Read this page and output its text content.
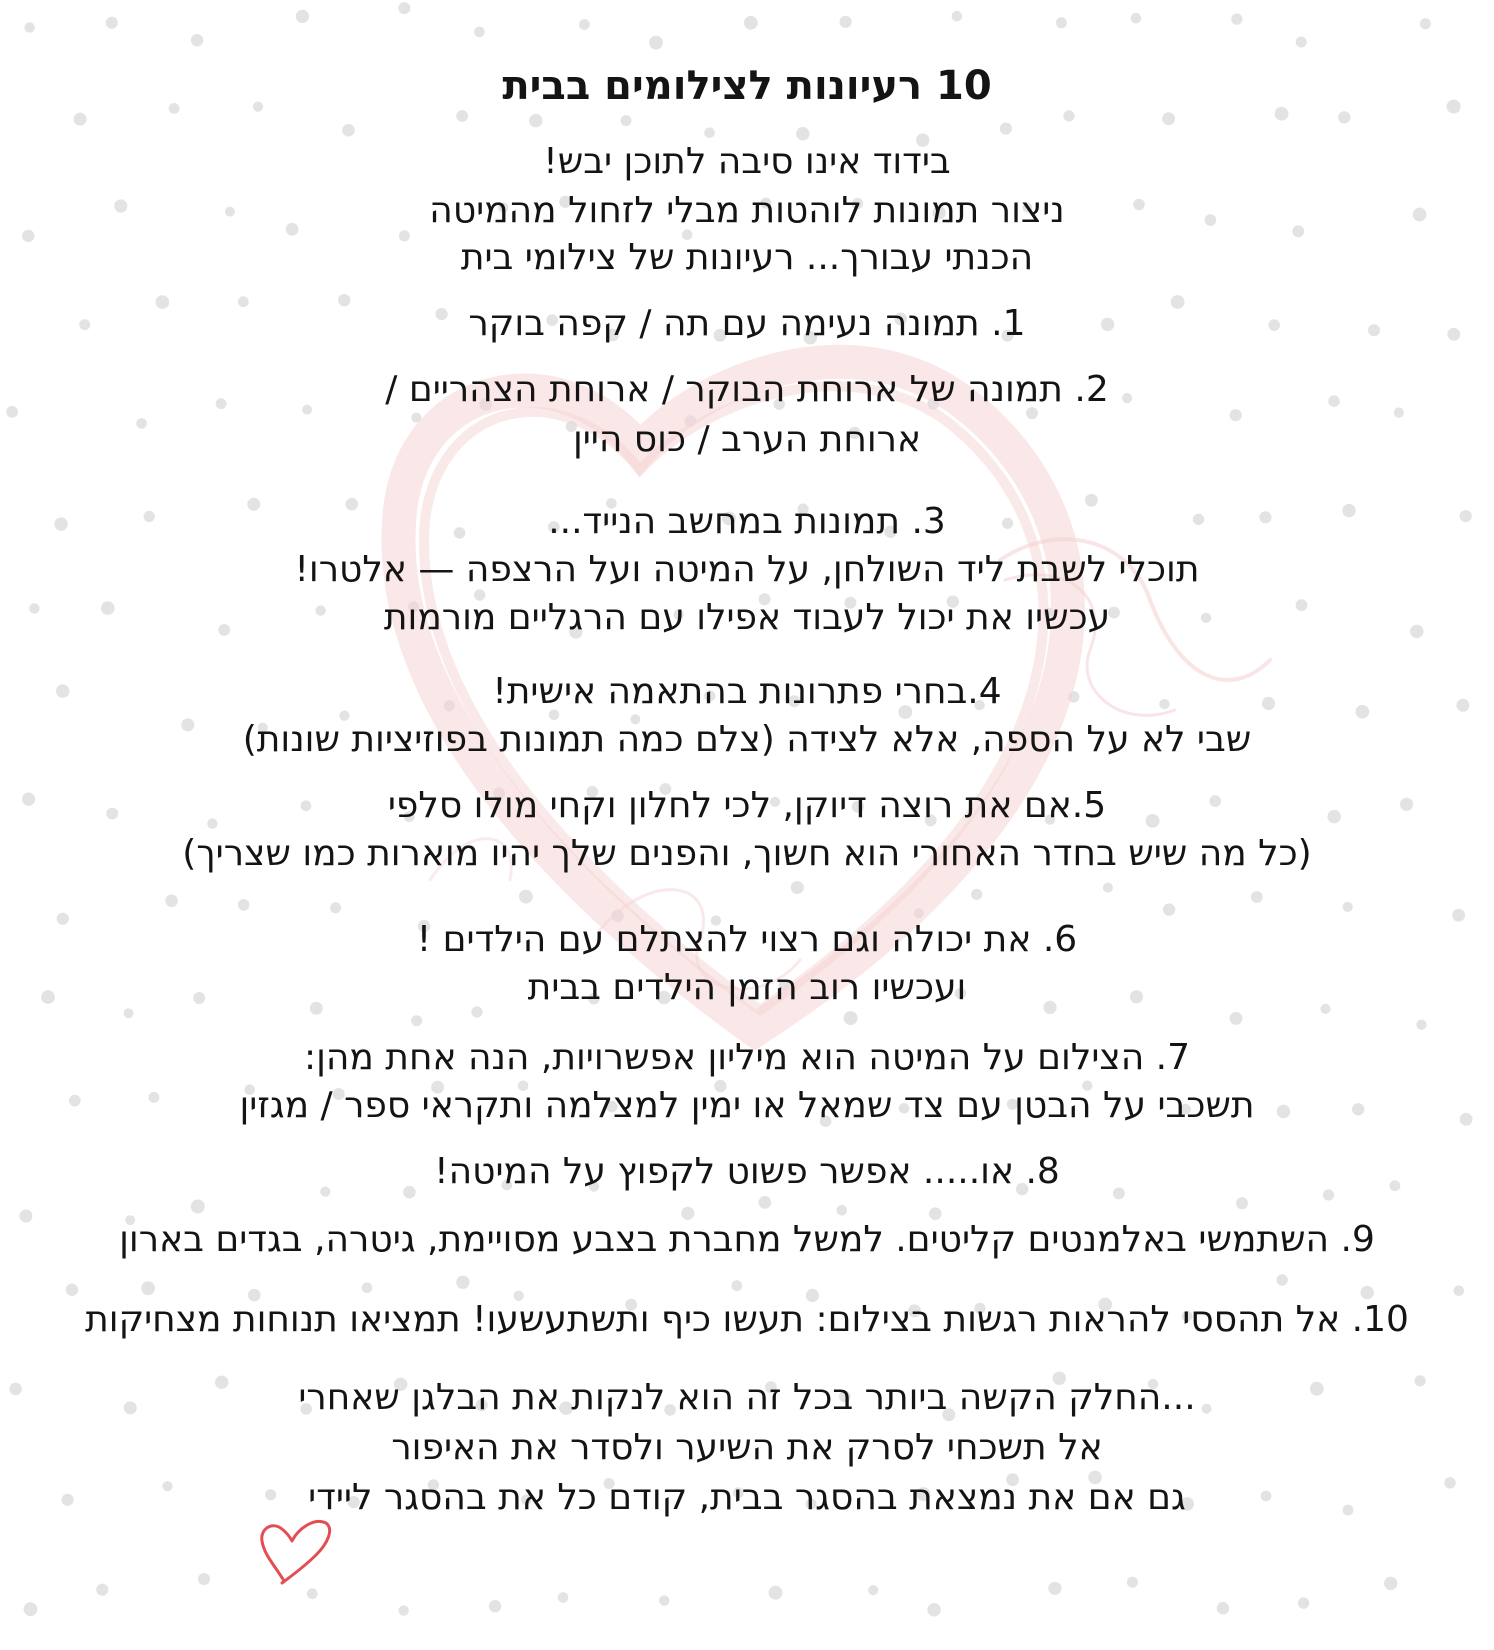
10 רעיונות לצילומים בבית
בידוד אינו סיבה לתוכן יבש!
ניצור תמונות לוהטות מבלי לזחול מהמיטה
הכנתי עבורך... רעיונות של צילומי בית
1. תמונה נעימה עם תה / קפה בוקר
2. תמונה של ארוחת הבוקר / ארוחת הצהריים /
ארוחת הערב / כוס היין
3. תמונות במחשב הנייד...
תוכלי לשבת ליד השולחן, על המיטה ועל הרצפה — אלטרו!
עכשיו את יכול לעבוד אפילו עם הרגליים מורמות
4.בחרי פתרונות בהתאמה אישית!
שבי לא על הספה, אלא לצידה (צלם כמה תמונות בפוזיציות שונות)
5.אם את רוצה דיוקן, לכי לחלון וקחי מולו סלפי
(כל מה שיש בחדר האחורי הוא חשוך, והפנים שלך יהיו מוארות כמו שצריך)
6. את יכולה וגם רצוי להצתלם עם הילדים !
ועכשיו רוב הזמן הילדים בבית
7. הצילום על המיטה הוא מיליון אפשרויות, הנה אחת מהן:
תשכבי על הבטן עם צד שמאל או ימין למצלמה ותקראי ספר / מגזין
8. או..... אפשר פשוט לקפוץ על המיטה!
9. השתמשי באלמנטים קליטים. למשל מחברת בצבע מסויימת, גיטרה, בגדים בארון
10. אל תהססי להראות רגשות בצילום: תעשו כיף ותשתעשעו! תמציאו תנוחות מצחיקות
...החלק הקשה ביותר בכל זה הוא לנקות את הבלגן שאחרי
אל תשכחי לסרק את השיער ולסדר את האיפור
גם אם את נמצאת בהסגר בבית, קודם כל את בהסגר ליידי
